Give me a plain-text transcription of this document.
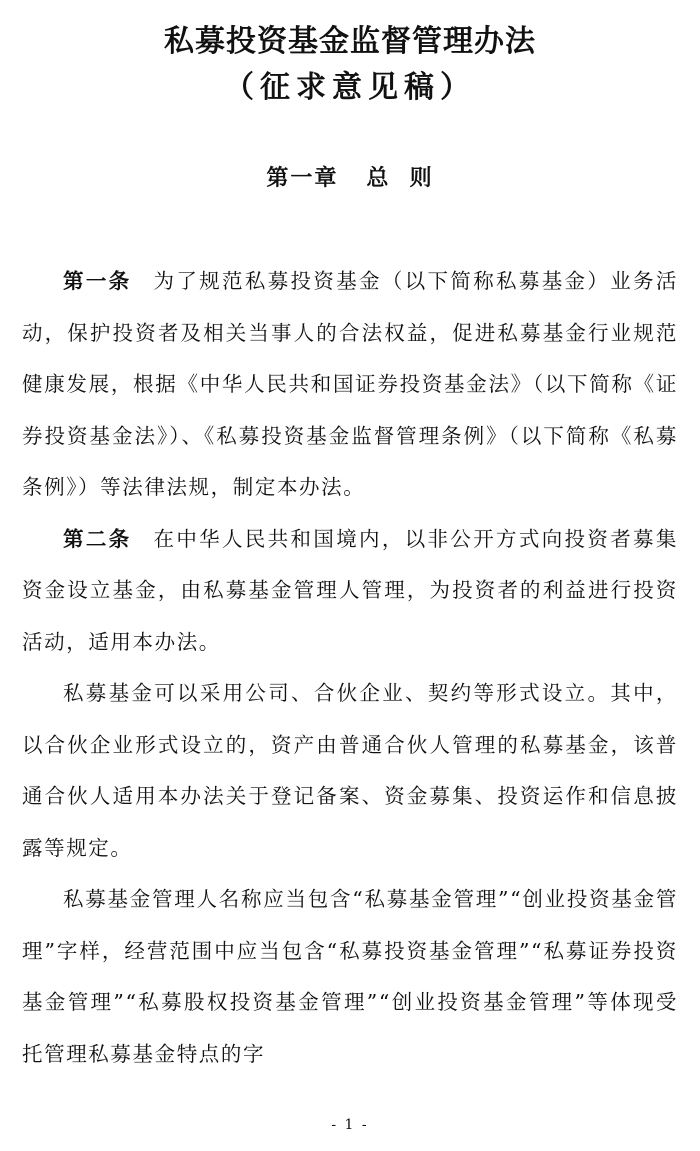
私募投资基金监督管理办法
（征求意见稿）
第一章 总  则

第一条 为了规范私募投资基金（以下简称私募基金）业务活动，保护投资者及相关当事人的合法权益，促进私募基金行业规范健康发展，根据《中华人民共和国证券投资基金法》（以下简称《证券投资基金法》）、《私募投资基金监督管理条例》（以下简称《私募条例》）等法律法规，制定本办法。

第二条 在中华人民共和国境内，以非公开方式向投资者募集资金设立基金，由私募基金管理人管理，为投资者的利益进行投资活动，适用本办法。

私募基金可以采用公司、合伙企业、契约等形式设立。其中，以合伙企业形式设立的，资产由普通合伙人管理的私募基金，该普通合伙人适用本办法关于登记备案、资金募集、投资运作和信息披露等规定。

私募基金管理人名称应当包含“私募基金管理”“创业投资基金管理”字样，经营范围中应当包含“私募投资基金管理”“私募证券投资基金管理”“私募股权投资基金管理”“创业投资基金管理”等体现受托管理私募基金特点的字

- 1 -
